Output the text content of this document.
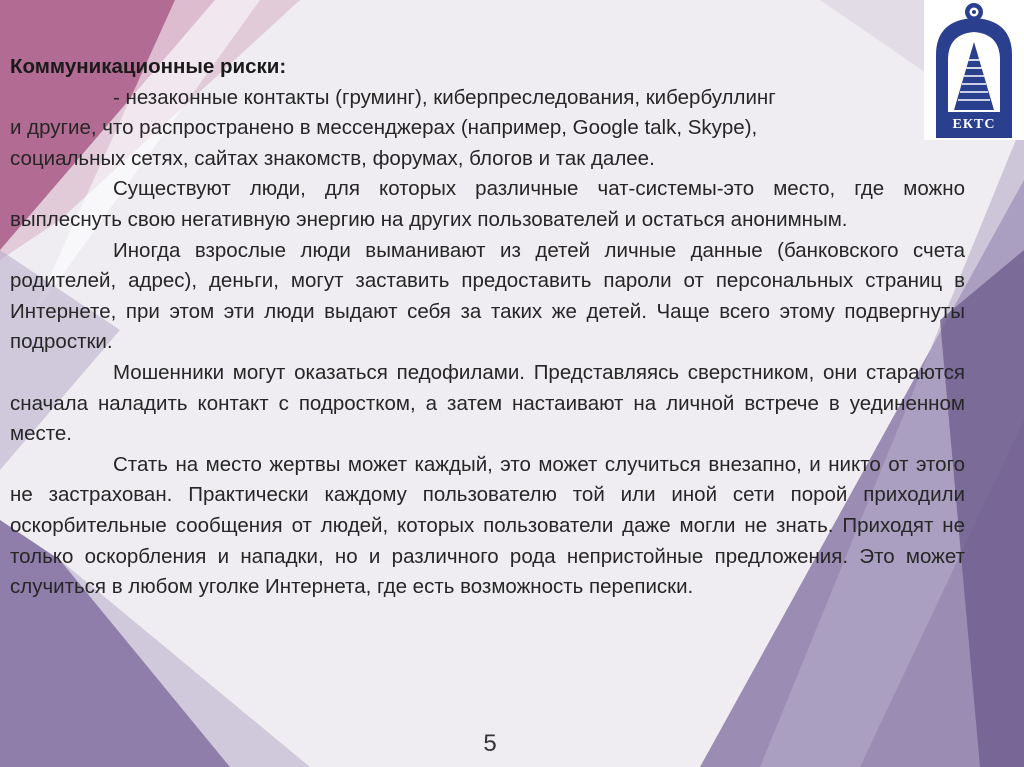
ЕКТС
Коммуникационные риски:

- незаконные контакты (груминг), киберпреследования, кибербуллинг

и другие, что распространено в мессенджерах (например, Google talk, Skype),

социальных сетях, сайтах знакомств, форумах, блогов и так далее.

Существуют люди, для которых различные чат-системы-это место, где можно выплеснуть свою негативную энергию на других пользователей и остаться анонимным.

Иногда взрослые люди выманивают из детей личные данные (банковского счета родителей, адрес), деньги, могут заставить предоставить пароли от персональных страниц в Интернете, при этом эти люди выдают себя за таких же детей. Чаще всего этому подвергнуты подростки.

Мошенники могут оказаться педофилами. Представляясь сверстником, они стараются сначала наладить контакт с подростком, а затем настаивают на личной встрече в уединенном месте.

Стать на место жертвы может каждый, это может случиться внезапно, и никто от этого не застрахован. Практически каждому пользователю той или иной сети порой приходили оскорбительные сообщения от людей, которых пользователи даже могли не знать. Приходят не только оскорбления и нападки, но и различного рода непристойные предложения. Это может случиться в любом уголке Интернета, где есть возможность переписки.

5
